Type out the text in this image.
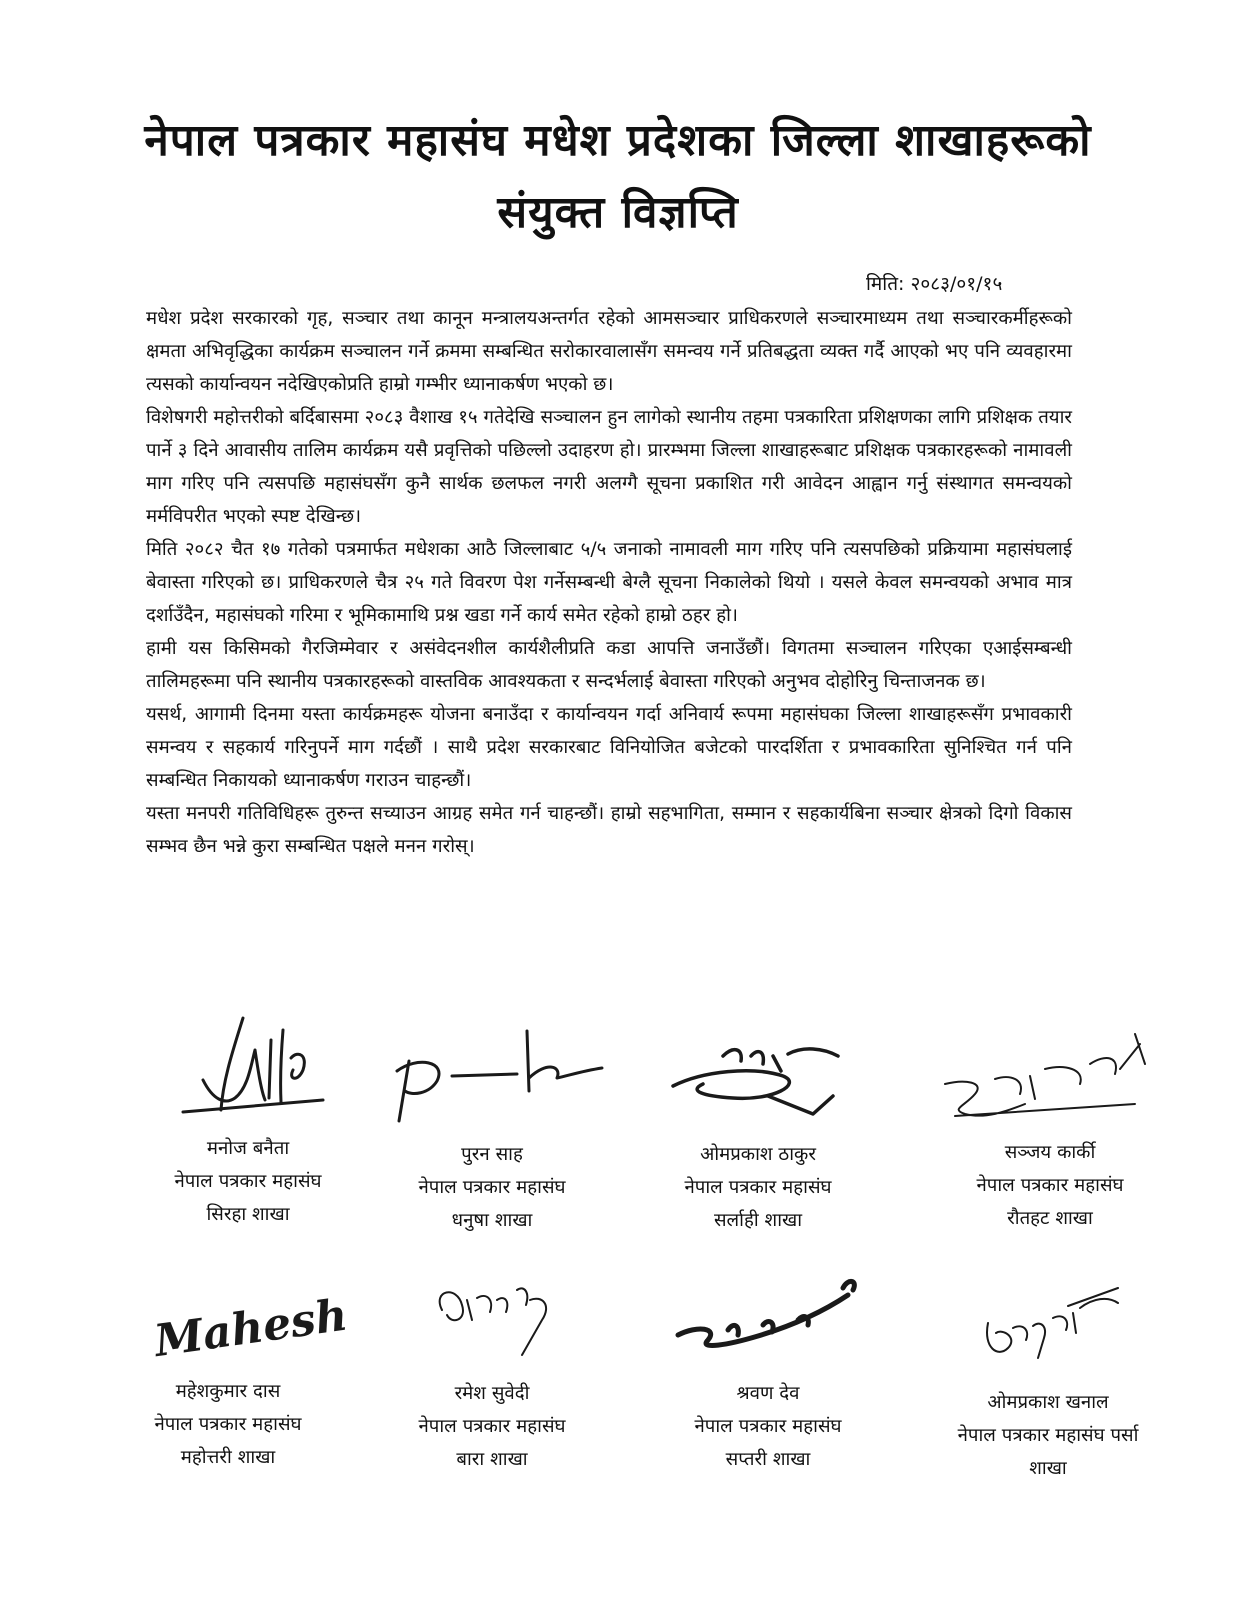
नेपाल पत्रकार महासंघ मधेश प्रदेशका जिल्ला शाखाहरूको
संयुक्त विज्ञप्ति
मिति: २०८३/०१/१५

मधेश प्रदेश सरकारको गृह, सञ्चार तथा कानून मन्त्रालयअन्तर्गत रहेको आमसञ्चार प्राधिकरणले सञ्चारमाध्यम तथा सञ्चारकर्मीहरूको क्षमता अभिवृद्धिका कार्यक्रम सञ्चालन गर्ने क्रममा सम्बन्धित सरोकारवालासँग समन्वय गर्ने प्रतिबद्धता व्यक्त गर्दै आएको भए पनि व्यवहारमा त्यसको कार्यान्वयन नदेखिएकोप्रति हाम्रो गम्भीर ध्यानाकर्षण भएको छ।

विशेषगरी महोत्तरीको बर्दिबासमा २०८३ वैशाख १५ गतेदेखि सञ्चालन हुन लागेको स्थानीय तहमा पत्रकारिता प्रशिक्षणका लागि प्रशिक्षक तयार पार्ने ३ दिने आवासीय तालिम कार्यक्रम यसै प्रवृत्तिको पछिल्लो उदाहरण हो। प्रारम्भमा जिल्ला शाखाहरूबाट प्रशिक्षक पत्रकारहरूको नामावली माग गरिए पनि त्यसपछि महासंघसँग कुनै सार्थक छलफल नगरी अलग्गै सूचना प्रकाशित गरी आवेदन आह्वान गर्नु संस्थागत समन्वयको मर्मविपरीत भएको स्पष्ट देखिन्छ।

मिति २०८२ चैत १७ गतेको पत्रमार्फत मधेशका आठै जिल्लाबाट ५/५ जनाको नामावली माग गरिए पनि त्यसपछिको प्रक्रियामा महासंघलाई बेवास्ता गरिएको छ। प्राधिकरणले चैत्र २५ गते विवरण पेश गर्नेसम्बन्धी बेग्लै सूचना निकालेको थियो । यसले केवल समन्वयको अभाव मात्र दर्शाउँदैन, महासंघको गरिमा र भूमिकामाथि प्रश्न खडा गर्ने कार्य समेत रहेको हाम्रो ठहर हो।

हामी यस किसिमको गैरजिम्मेवार र असंवेदनशील कार्यशैलीप्रति कडा आपत्ति जनाउँछौं। विगतमा सञ्चालन गरिएका एआईसम्बन्धी तालिमहरूमा पनि स्थानीय पत्रकारहरूको वास्तविक आवश्यकता र सन्दर्भलाई बेवास्ता गरिएको अनुभव दोहोरिनु चिन्ताजनक छ।

यसर्थ, आगामी दिनमा यस्ता कार्यक्रमहरू योजना बनाउँदा र कार्यान्वयन गर्दा अनिवार्य रूपमा महासंघका जिल्ला शाखाहरूसँग प्रभावकारी समन्वय र सहकार्य गरिनुपर्ने माग गर्दछौं । साथै प्रदेश सरकारबाट विनियोजित बजेटको पारदर्शिता र प्रभावकारिता सुनिश्चित गर्न पनि सम्बन्धित निकायको ध्यानाकर्षण गराउन चाहन्छौं।

यस्ता मनपरी गतिविधिहरू तुरुन्त सच्याउन आग्रह समेत गर्न चाहन्छौं। हाम्रो सहभागिता, सम्मान र सहकार्यबिना सञ्चार क्षेत्रको दिगो विकास सम्भव छैन भन्ने कुरा सम्बन्धित पक्षले मनन गरोस्।

मनोज बनैता
नेपाल पत्रकार महासंघ
सिरहा शाखा
पुरन साह
नेपाल पत्रकार महासंघ
धनुषा शाखा
ओमप्रकाश ठाकुर
नेपाल पत्रकार महासंघ
सर्लाही शाखा
सञ्जय कार्की
नेपाल पत्रकार महासंघ
रौतहट शाखा
Mahesh
महेशकुमार दास
नेपाल पत्रकार महासंघ
महोत्तरी शाखा
रमेश सुवेदी
नेपाल पत्रकार महासंघ
बारा शाखा
श्रवण देव
नेपाल पत्रकार महासंघ
सप्तरी शाखा
ओमप्रकाश खनाल
नेपाल पत्रकार महासंघ पर्सा
शाखा
